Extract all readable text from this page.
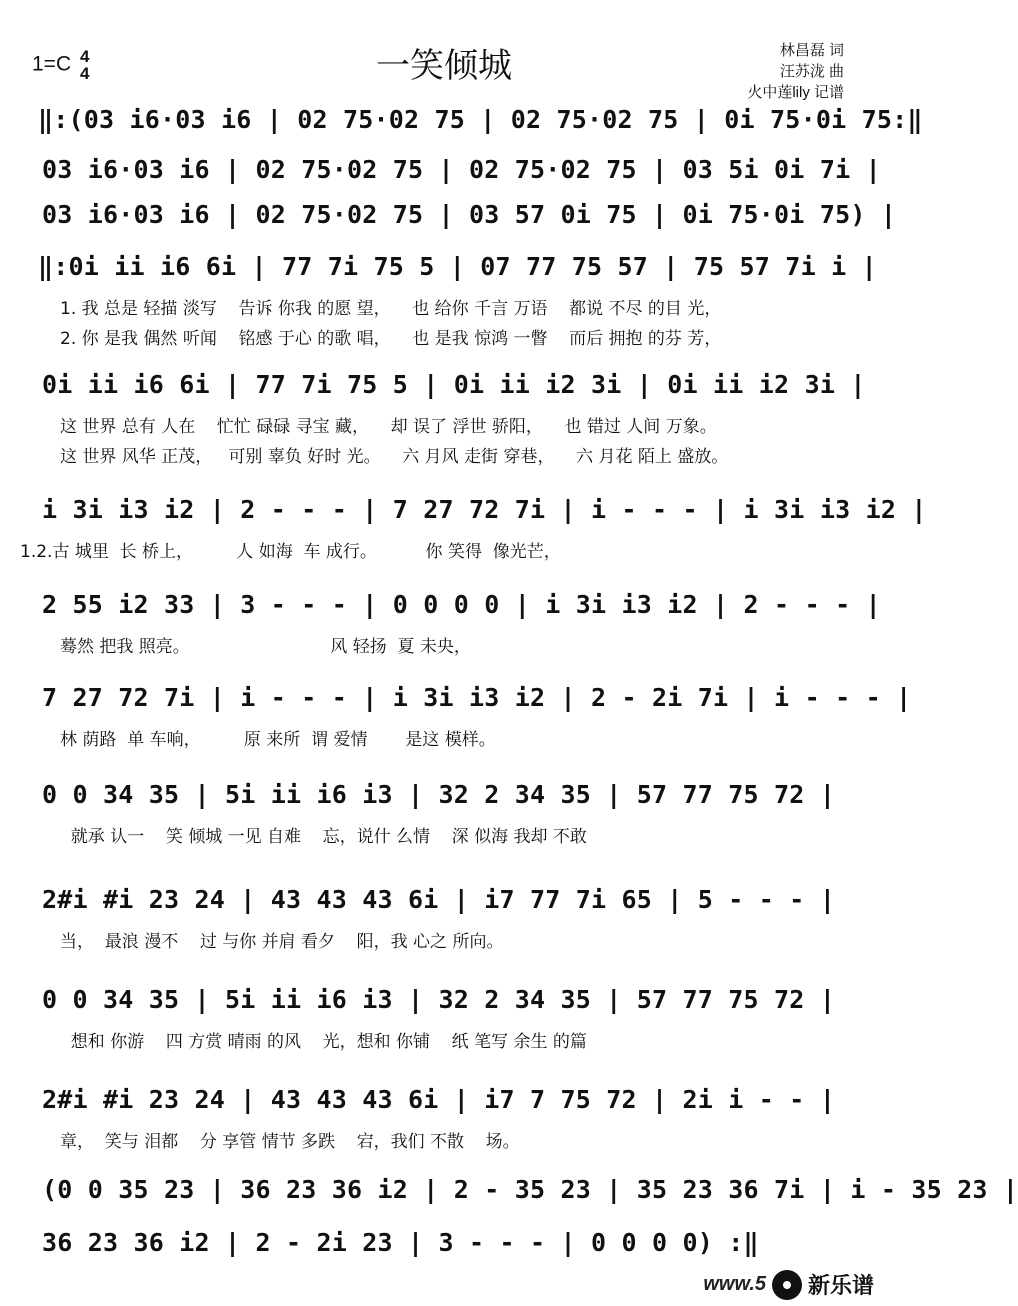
一笑倾城
1=C 4
4
林昌磊 词
汪苏泷 曲
火中莲lily 记谱
‖:(03 i6·03 i6 | 02 75·02 75 | 02 75·02 75 | 0i 75·0i 75:‖
03 i6·03 i6 | 02 75·02 75 | 02 75·02 75 | 03 5i 0i 7i |
03 i6·03 i6 | 02 75·02 75 | 03 57 0i 75 | 0i 75·0i 75) |
‖:0i ii i6 6i | 77 7i 75 5 | 07 77 75 57 | 75 57 7i i |
1. 我 总是 轻描 淡写    告诉 你我 的愿 望，    也 给你 千言 万语    都说 不尽 的目 光，
2. 你 是我 偶然 听闻    铭感 于心 的歌 唱，    也 是我 惊鸿 一瞥    而后 拥抱 的芬 芳，
0i ii i6 6i | 77 7i 75 5 | 0i ii i2 3i | 0i ii i2 3i |
这 世界 总有 人在    忙忙 碌碌 寻宝 藏，    却 误了 浮世 骄阳，    也 错过 人间 万象。
这 世界 风华 正茂，   可别 辜负 好时 光。    六 月风 走街 穿巷，    六 月花 陌上 盛放。
i 3i i3 i2 | 2 - - - | 7 27 72 7i | i - - - | i 3i i3 i2 |
1.2.古 城里  长 桥上，        人 如海  车 成行。         你 笑得  像光芒，
2 55 i2 33 | 3 - - - | 0 0 0 0 | i 3i i3 i2 | 2 - - - |
蓦然 把我 照亮。                          风 轻扬  夏 未央，
7 27 72 7i | i - - - | i 3i i3 i2 | 2 - 2i 7i | i - - - |
林 荫路  单 车响，        原 来所  谓 爱情       是这 模样。
0 0 34 35 | 5i ii i6 i3 | 32 2 34 35 | 57 77 75 72 |
就承 认一    笑 倾城 一见 自难    忘，说什 么情    深 似海 我却 不敢
2#i #i 23 24 | 43 43 43 6i | i7 77 7i 65 | 5 - - - |
当，  最浪 漫不    过 与你 并肩 看夕    阳，我 心之 所向。
0 0 34 35 | 5i ii i6 i3 | 32 2 34 35 | 57 77 75 72 |
想和 你游    四 方赏 晴雨 的风    光，想和 你铺    纸 笔写 余生 的篇
2#i #i 23 24 | 43 43 43 6i | i7 7 75 72 | 2i i - - |
章，  笑与 泪都    分 享管 情节 多跌    宕，我们 不散    场。
(0 0 35 23 | 36 23 36 i2 | 2 - 35 23 | 35 23 36 7i | i - 35 23 |
36 23 36 i2 | 2 - 2i 23 | 3 - - - | 0 0 0 0) :‖
www.5 新乐谱
